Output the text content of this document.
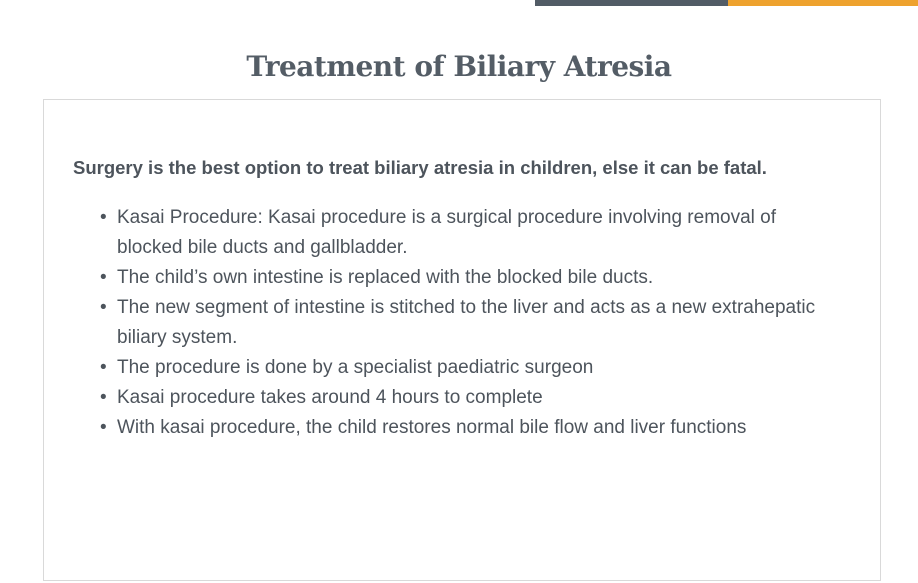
Treatment of Biliary Atresia
Surgery is the best option to treat biliary atresia in children, else it can be fatal.
• Kasai Procedure: Kasai procedure is a surgical procedure involving removal of blocked bile ducts and gallbladder.
• The child’s own intestine is replaced with the blocked bile ducts.
• The new segment of intestine is stitched to the liver and acts as a new extrahepatic biliary system.
• The procedure is done by a specialist paediatric surgeon
• Kasai procedure takes around 4 hours to complete
• With kasai procedure, the child restores normal bile flow and liver functions
